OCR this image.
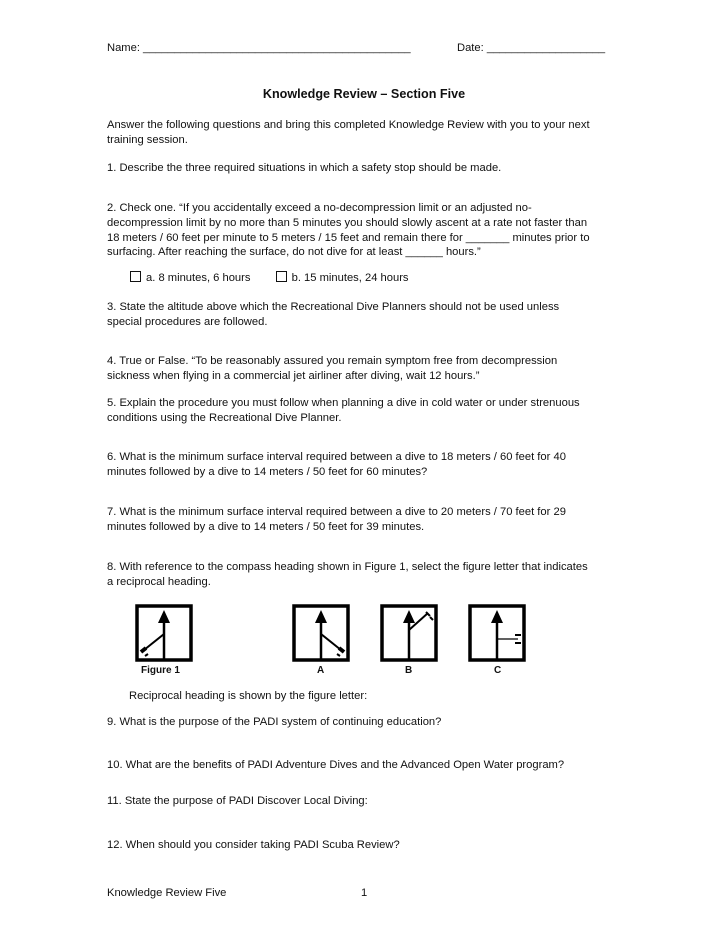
Name: ___________________________________________	Date: ___________________
Knowledge Review – Section Five
Answer the following questions and bring this completed Knowledge Review with you to your next
training session.
1. Describe the three required situations in which a safety stop should be made.
2. Check one. “If you accidentally exceed a no-decompression limit or an adjusted no-
decompression limit by no more than 5 minutes you should slowly ascent at a rate not faster than
18 meters / 60 feet per minute to 5 meters / 15 feet and remain there for _______ minutes prior to
surfacing. After reaching the surface, do not dive for at least ______ hours.”
3. State the altitude above which the Recreational Dive Planners should not be used unless
special procedures are followed.
4. True or False. “To be reasonably assured you remain symptom free from decompression
sickness when flying in a commercial jet airliner after diving, wait 12 hours.”
5. Explain the procedure you must follow when planning a dive in cold water or under strenuous
conditions using the Recreational Dive Planner.
6. What is the minimum surface interval required between a dive to 18 meters / 60 feet for 40
minutes followed by a dive to 14 meters / 50 feet for 60 minutes?
7. What is the minimum surface interval required between a dive to 20 meters / 70 feet for 29
minutes followed by a dive to 14 meters / 50 feet for 39 minutes.
8. With reference to the compass heading shown in Figure 1, select the figure letter that indicates
a reciprocal heading.
9. What is the purpose of the PADI system of continuing education?
10. What are the benefits of PADI Adventure Dives and the Advanced Open Water program?
11. State the purpose of PADI Discover Local Diving:
12. When should you consider taking PADI Scuba Review?
a. 8 minutes, 6 hours	b. 15 minutes, 24 hours
Figure 1	A	B	C
Reciprocal heading is shown by the figure letter:
Knowledge Review Five	1
